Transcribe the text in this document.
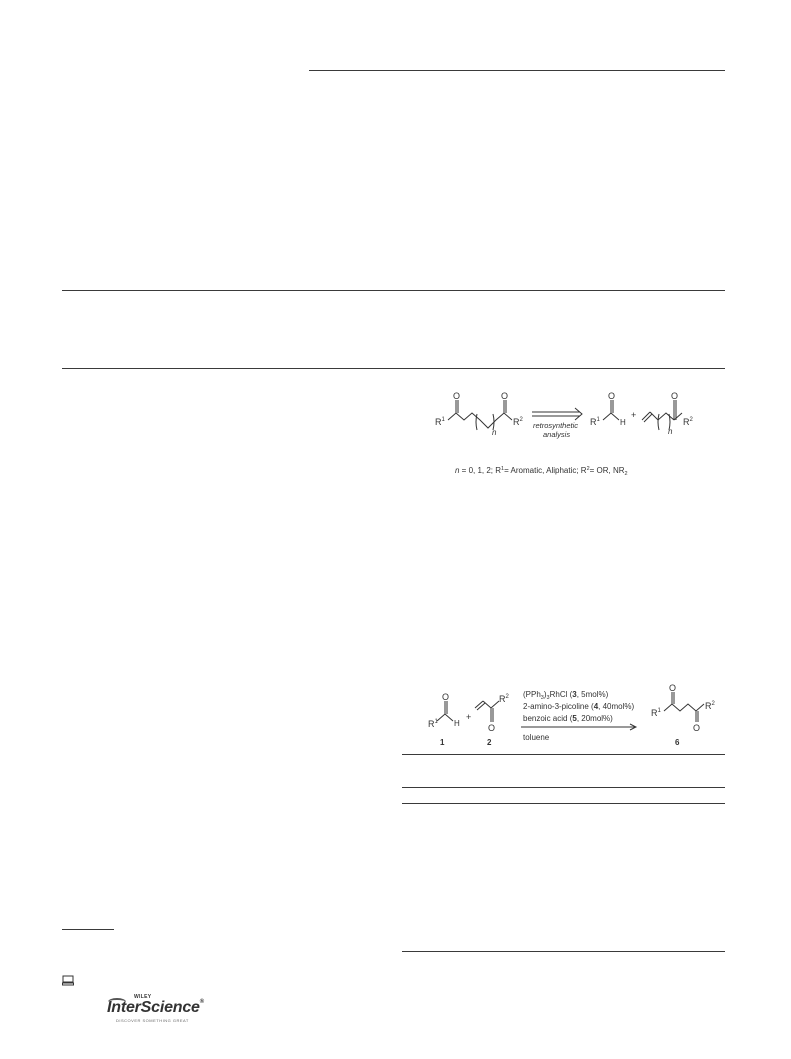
$R^1$
O	O
n
$R^2$
retrosynthetic
analysis
$R^1$
O
H
+
O
n
$R^2$
n = 0, 1, 2; $R^1=$ Aromatic, Aliphatic; $R^2=$ OR, $NR_2$
$R^1$
O
H
1
+
O
$R^2$
2
$(PPh_3)_3RhCl$ (3, 5mol%)
2-amino-3-picoline (4, 40mol%)
benzoic acid (5, 20mol%)
toluene
$R^1$
O
O
$R^2$
6
WILEY
InterScience®
DISCOVER SOMETHING GREAT
